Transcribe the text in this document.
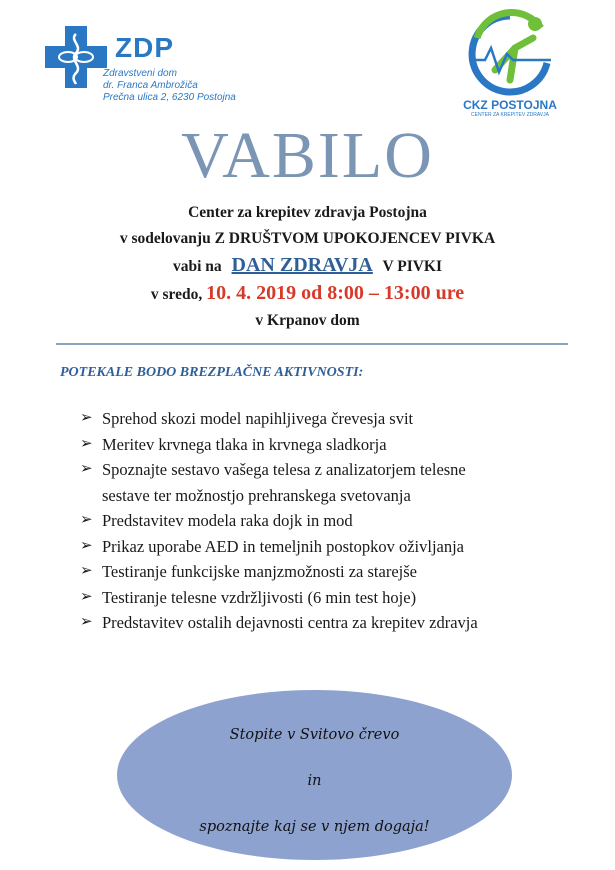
ZDP
Zdravstveni dom
dr. Franca Ambrožiča
Prečna ulica 2, 6230 Postojna
CKZ POSTOJNA
CENTER ZA KREPITEV ZDRAVJA
VABILO
Center za krepitev zdravja Postojna
v sodelovanju Z DRUŠTVOM UPOKOJENCEV PIVKA
vabi na DAN ZDRAVJA V PIVKI
v sredo, 10. 4. 2019 od 8:00 – 13:00 ure
v Krpanov dom
POTEKALE BODO BREZPLAČNE AKTIVNOSTI:
➢ Sprehod skozi model napihljivega črevesja svit
➢ Meritev krvnega tlaka in krvnega sladkorja
➢ Spoznajte sestavo vašega telesa z analizatorjem telesne
sestave ter možnostjo prehranskega svetovanja
➢ Predstavitev modela raka dojk in mod
➢ Prikaz uporabe AED in temeljnih postopkov oživljanja
➢ Testiranje funkcijske manjzmožnosti za starejše
➢ Testiranje telesne vzdržljivosti (6 min test hoje)
➢ Predstavitev ostalih dejavnosti centra za krepitev zdravja
Stopite v Svitovo črevo
in
spoznajte kaj se v njem dogaja!
